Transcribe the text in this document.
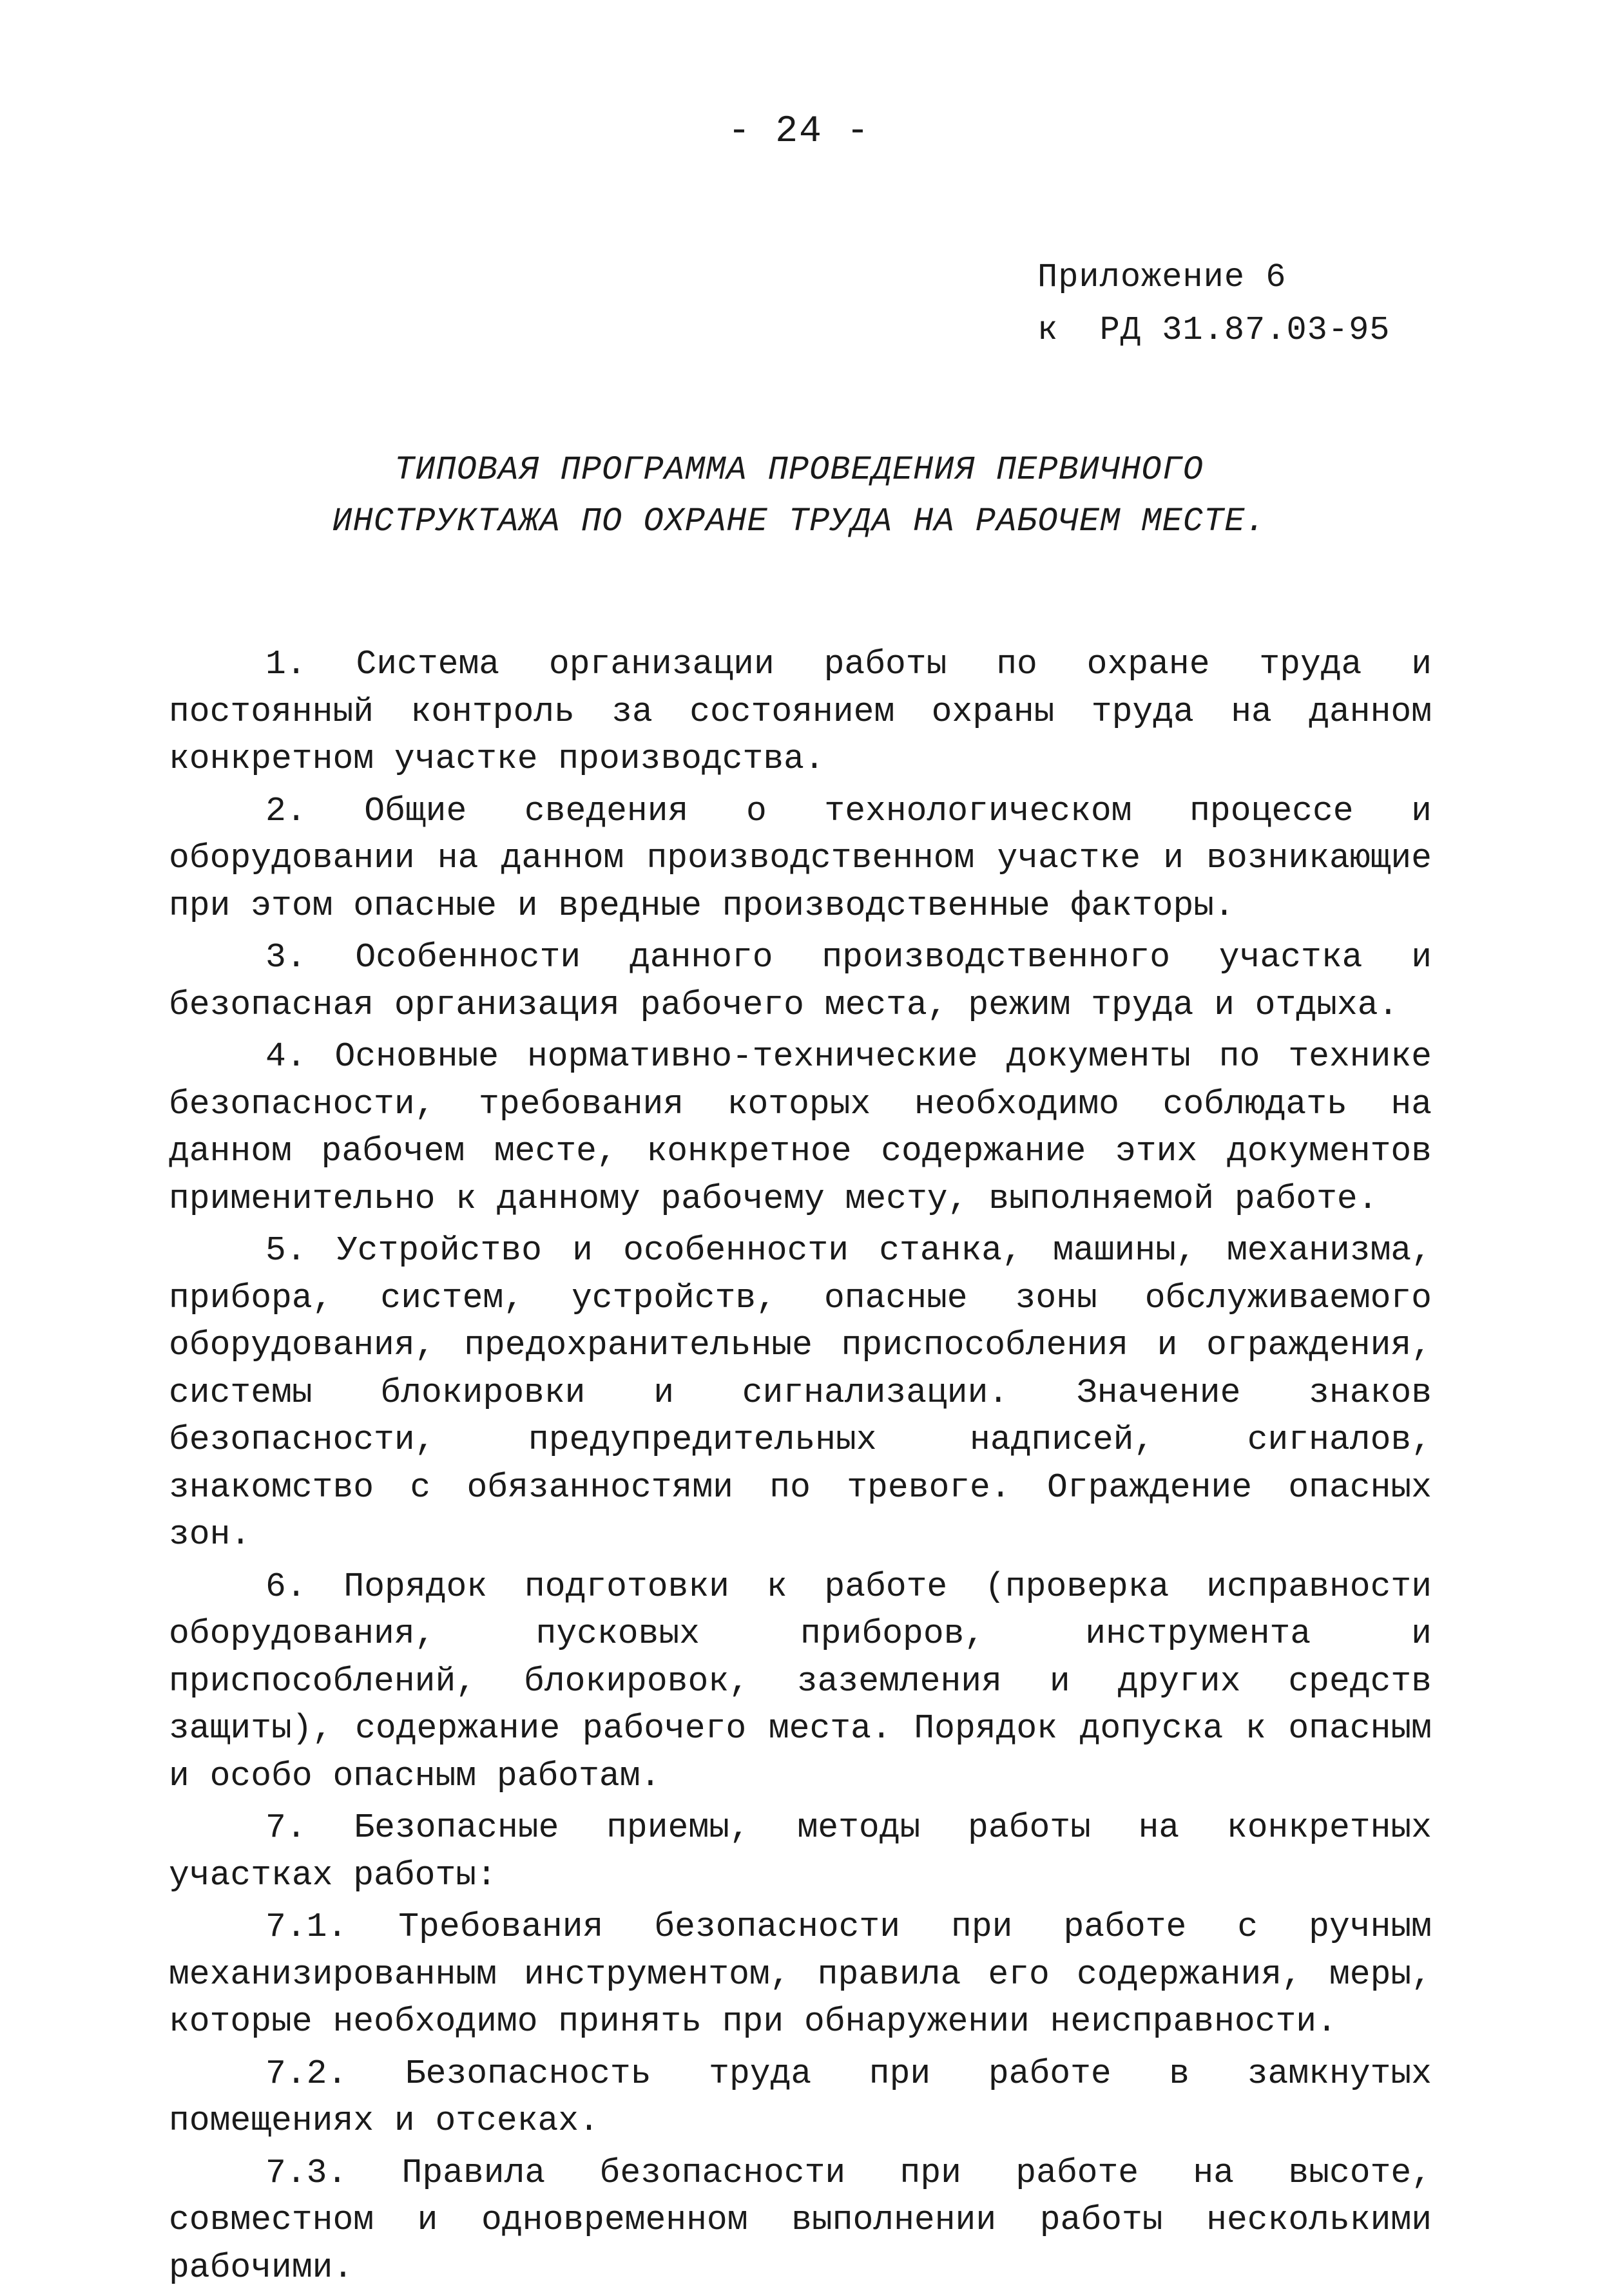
- 24 -
Приложение 6
к  РД 31.87.03-95
ТИПОВАЯ ПРОГРАММА ПРОВЕДЕНИЯ ПЕРВИЧНОГО
ИНСТРУКТАЖА ПО ОХРАНЕ ТРУДА НА РАБОЧЕМ МЕСТЕ.

1. Система организации работы по охране труда и постоянный контроль за состоянием охраны труда на данном конкретном участке производства.

2. Общие сведения о технологическом процессе и оборудовании на данном производственном участке и возникающие при этом опасные и вредные производственные факторы.

3. Особенности данного производственного участка и безопасная организация рабочего места, режим труда и отдыха.

4. Основные нормативно-технические документы по технике безопасности, требования которых необходимо соблюдать на данном рабочем месте, конкретное содержание этих документов применительно к данному рабочему месту, выполняемой работе.

5. Устройство и особенности станка, машины, механизма, прибора, систем, устройств, опасные зоны обслуживаемого оборудования, предохранительные приспособления и ограждения, системы блокировки и сигнализации. Значение знаков безопасности, предупредительных надписей, сигналов, знакомство с обязанностями по тревоге. Ограждение опасных зон.

6. Порядок подготовки к работе (проверка исправности оборудования, пусковых приборов, инструмента и приспособлений, блокировок, заземления и других средств защиты), содержание рабочего места. Порядок допуска к опасным и особо опасным работам.

7. Безопасные приемы, методы работы на конкретных участках работы:

7.1. Требования безопасности при работе с ручным механизированным инструментом, правила его содержания, меры, которые необходимо принять при обнаружении неисправности.

7.2. Безопасность труда при работе в замкнутых помещениях и отсеках.

7.3. Правила безопасности при работе на высоте, совместном и одновременном выполнении работы несколькими рабочими.
